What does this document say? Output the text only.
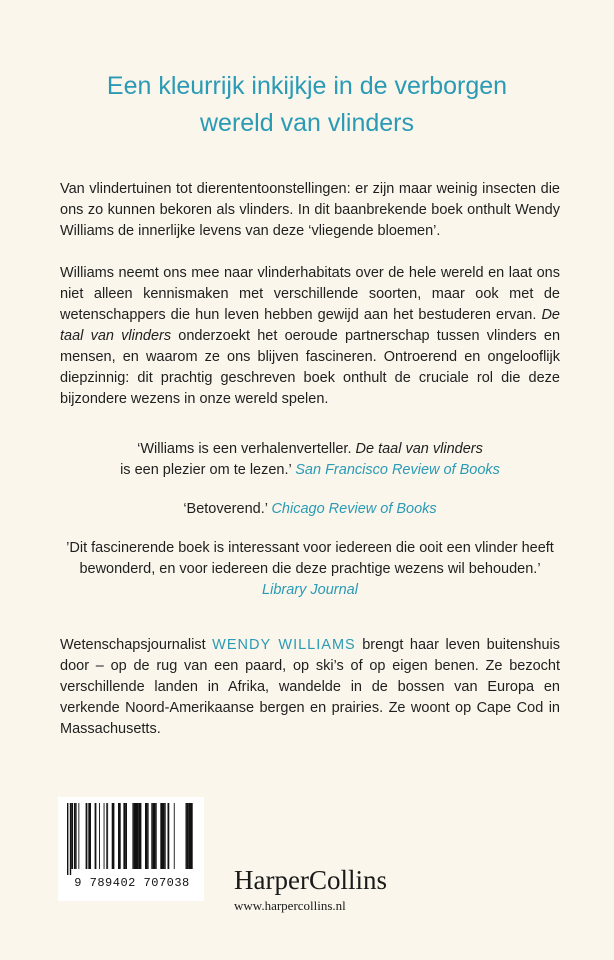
Een kleurrijk inkijkje in de verborgen
wereld van vlinders

Van vlindertuinen tot dierententoonstellingen: er zijn maar weinig insecten die ons zo kunnen bekoren als vlinders. In dit baanbrekende boek onthult Wendy Williams de innerlijke levens van deze ‘vliegende bloemen’.

Williams neemt ons mee naar vlinderhabitats over de hele wereld en laat ons niet alleen kennismaken met verschillende soorten, maar ook met de wetenschappers die hun leven hebben gewijd aan het bestuderen ervan. De taal van vlinders onderzoekt het oeroude partnerschap tussen vlinders en mensen, en waarom ze ons blijven fascineren. Ontroerend en ongelooflijk diepzinnig: dit prachtig geschreven boek onthult de cruciale rol die deze bijzondere wezens in onze wereld spelen.

‘Williams is een verhalenverteller. De taal van vlinders
is een plezier om te lezen.’ San Francisco Review of Books
‘Betoverend.’ Chicago Review of Books
’Dit fascinerende boek is interessant voor iedereen die ooit een vlinder heeft bewonderd, en voor iedereen die deze prachtige wezens wil behouden.’ Library Journal

Wetenschapsjournalist WENDY WILLIAMS brengt haar leven buitenshuis door – op de rug van een paard, op ski’s of op eigen benen. Ze bezocht verschillende landen in Afrika, wandelde in de bossen van Europa en verkende Noord-Amerikaanse bergen en prairies. Ze woont op Cape Cod in Massachusetts.

9 789402 707038	HarperCollins
www.harpercollins.nl
